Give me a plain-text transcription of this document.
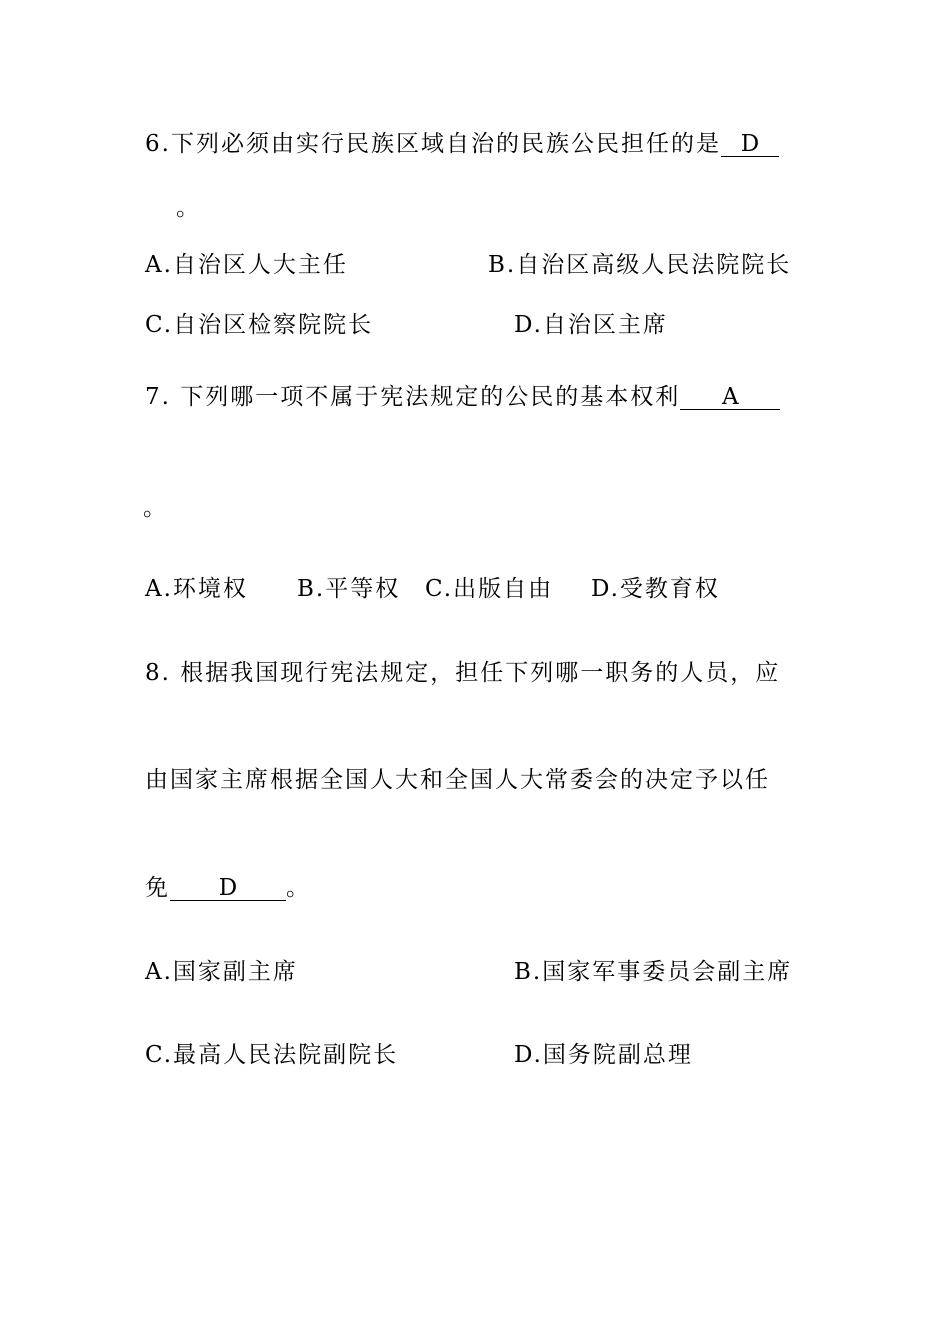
6.下列必须由实行民族区域自治的民族公民担任的是 D
。
A.自治区人大主任	B.自治区高级人民法院院长
C.自治区检察院院长	D.自治区主席
7. 下列哪一项不属于宪法规定的公民的基本权利 A
。
A.环境权 B.平等权 C.出版自由 D.受教育权
8. 根据我国现行宪法规定，担任下列哪一职务的人员，应
由国家主席根据全国人大和全国人大常委会的决定予以任
免 D 。
A.国家副主席	B.国家军事委员会副主席
C.最高人民法院副院长	D.国务院副总理
